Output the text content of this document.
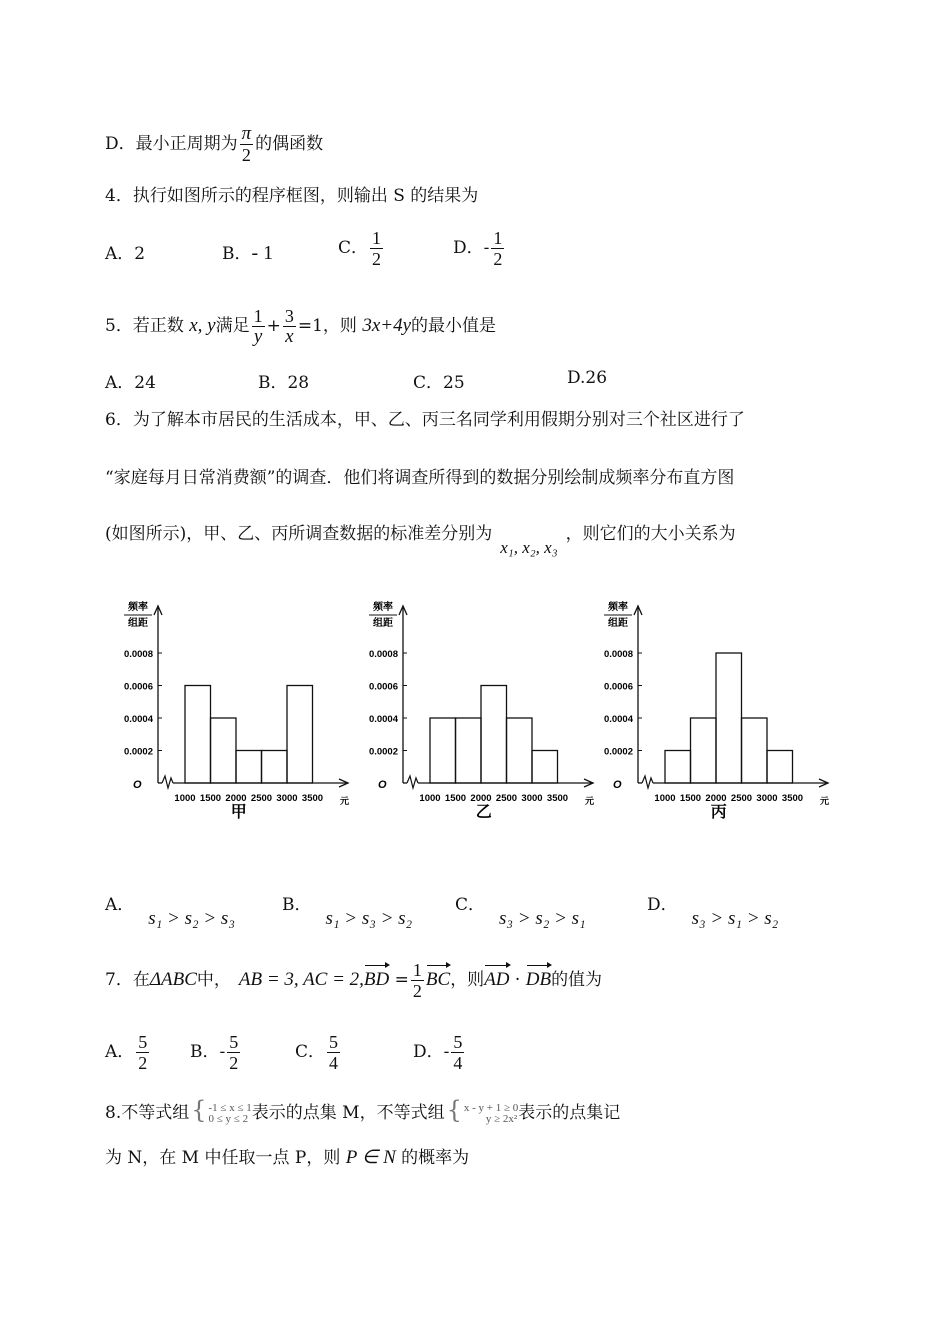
D．最小正周期为 $\frac{\pi}{2}$ 的偶函数
4．执行如图所示的程序框图，则输出 S 的结果为
A．2	B．- 1	C． $\frac{1}{2}$	D．- $\frac{1}{2}$
5．若正数 x, y满足 $\frac{1}{y} + \frac{3}{x} =1$，则 3x+4y的最小值是
A．24	B．28	C．25	D.26
6．为了解本市居民的生活成本，甲、乙、丙三名同学利用假期分别对三个社区进行了
“家庭每月日常消费额”的调查．他们将调查所得到的数据分别绘制成频率分布直方图
(如图所示)，甲、乙、丙所调查数据的标准差分别为x₁, x₂, x₃，则它们的大小关系为
频率
组距
0.0008
0.0006
0.0004
0.0002
O
1000 1500 2000 2500 3000 3500 元
甲
频率
组距
0.0008
0.0006
0.0004
0.0002
O
1000 1500 2000 2500 3000 3500 元
乙
频率
组距
0.0008
0.0006
0.0004
0.0002
O
1000 1500 2000 2500 3000 3500 元
丙
A．s₁ > s₂ > s₃
B．s₁ > s₃ > s₂
C．s₃ > s₂ > s₁
D．s₃ > s₁ > s₂
7．在ΔABC中， AB = 3, AC = $2,BD = \frac{1}{2}$ BC，则AD · DB的值为
A． $\frac{5}{2}$ B．- $\frac{5}{2}$	C． $\frac{5}{4}$	D．- $\frac{5}{4}$
8.不等式组{ -1 ≤ x ≤ 1
0 ≤ y ≤ 2 表示的点集 M，不等式组{ x - y + 1 ≥ 0
y ≥ 2x² 表示的点集记
为 N，在 M 中任取一点 P，则 P ∈ N 的概率为
